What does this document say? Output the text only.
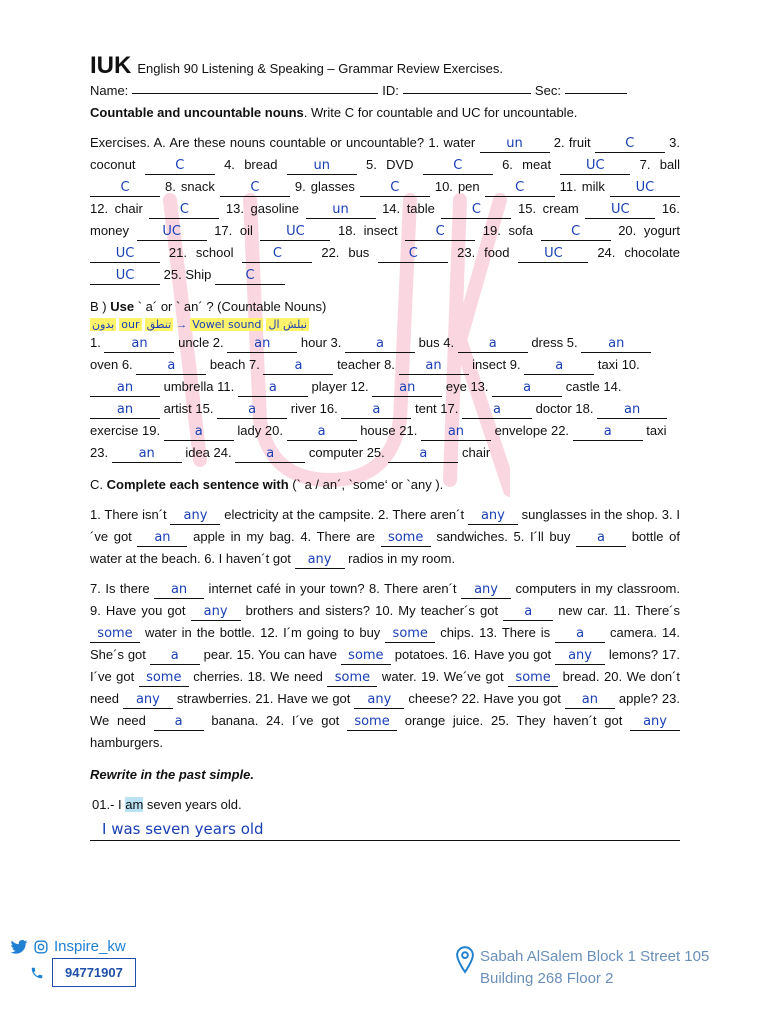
IUK English 90 Listening & Speaking – Grammar Review Exercises.
Name:	ID:	Sec:
Countable and uncountable nouns. Write C for countable and UC for uncountable.
Exercises. A. Are these nouns countable or uncountable? 1. water un 2. fruit	C	3. coconut	C	4. bread	un	5. DVD	C	6. meat	UC	7. ball C	8. snack	C	9. glasses	C	10. pen	C	11. milk UC 12. chair	C	13. gasoline	un	14. table	C	15. cream UC 16. money	UC	17. oil	UC	18. insect	C	19. sofa	C	20. yogurt UC	21. school	C	22. bus	C	23. food	UC	24. chocolate UC 25. Ship	C
B ) Use ` a´ or ` an´ ? (Countable Nouns)
بدون our تنطق → Vowel sound نبلش ال
1. an uncle 2. an hour 3.	a	bus 4.	a	dress 5. an oven 6.	a	beach 7.	a	teacher 8. an insect 9.	a	taxi 10. an umbrella 11.	a	player 12. an eye 13.	a	castle 14. an artist 15.	a	river 16.	a	tent 17.	a	doctor 18. an exercise 19.	a	lady 20.	a	house 21. an envelope 22.	a	taxi 23. an idea 24.	a	computer 25.	a	chair
C. Complete each sentence with (` a / an´, `some‘ or `any ).
1. There isn´t any electricity at the campsite. 2. There aren´t any sunglasses in the shop. 3. I´ve got an apple in my bag. 4. There are some sandwiches. 5. I´ll buy a bottle of water at the beach. 6. I haven´t got any radios in my room.
7. Is there an internet café in your town? 8. There aren´t any computers in my classroom. 9. Have you got any brothers and sisters? 10. My teacher´s got a new car. 11. There´s some water in the bottle. 12. I´m going to buy some chips. 13. There is a camera. 14. She´s got a pear. 15. You can have some potatoes. 16. Have you got any lemons? 17. I´ve got some cherries. 18. We need some water. 19. We´ve got some bread. 20. We don´t need any strawberries. 21. Have we got any cheese? 22. Have you got an apple? 23. We need a banana. 24. I´ve got some orange juice. 25. They haven´t got any hamburgers.
Rewrite in the past simple.
01.- I am seven years old.
I was seven years old
Inspire_kw
94771907
Sabah AlSalem Block 1 Street 105
Building 268 Floor 2
